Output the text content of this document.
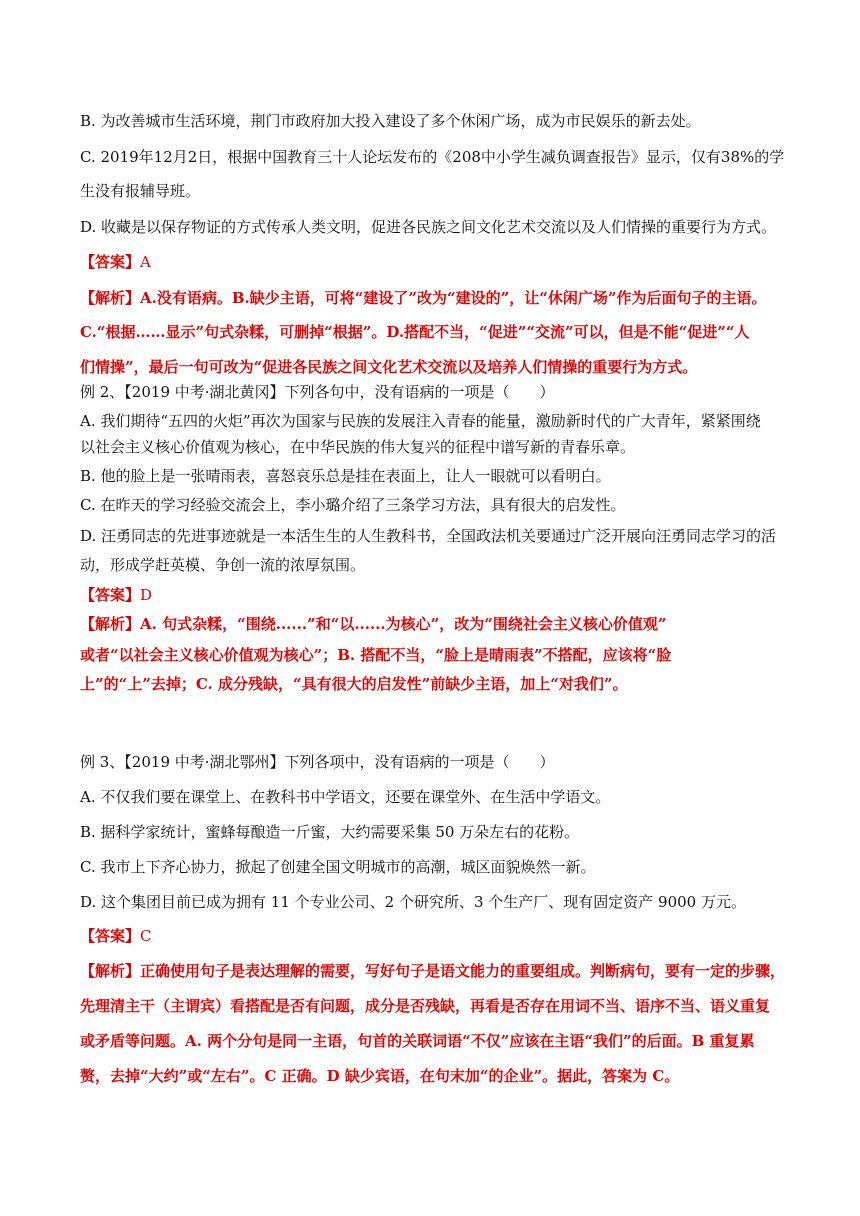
B. 为改善城市生活环境，荆门市政府加大投入建设了多个休闲广场，成为市民娱乐的新去处。
C. 2019年12月2日，根据中国教育三十人论坛发布的《208中小学生减负调查报告》显示，仅有38%的学
生没有报辅导班。
D. 收藏是以保存物证的方式传承人类文明，促进各民族之间文化艺术交流以及人们情操的重要行为方式。
【答案】A
【解析】A.没有语病。B.缺少主语，可将“建设了”改为“建设的”，让“休闲广场”作为后面句子的主语。
C.“根据……显示”句式杂糅，可删掉“根据”。D.搭配不当，“促进”“交流”可以，但是不能“促进”“人
们情操”，最后一句可改为“促进各民族之间文化艺术交流以及培养人们情操的重要行为方式。
例 2、【2019 中考·湖北黄冈】下列各句中，没有语病的一项是（　　）
A. 我们期待“五四的火炬”再次为国家与民族的发展注入青春的能量，激励新时代的广大青年，紧紧围绕
以社会主义核心价值观为核心，在中华民族的伟大复兴的征程中谱写新的青春乐章。
B. 他的脸上是一张晴雨表，喜怒哀乐总是挂在表面上，让人一眼就可以看明白。
C. 在昨天的学习经验交流会上，李小璐介绍了三条学习方法，具有很大的启发性。
D. 汪勇同志的先进事迹就是一本活生生的人生教科书，全国政法机关要通过广泛开展向汪勇同志学习的活
动，形成学赶英模、争创一流的浓厚氛围。
【答案】D
【解析】A. 句式杂糅，“围绕......”和“以......为核心”，改为“围绕社会主义核心价值观”
或者“以社会主义核心价值观为核心”；B. 搭配不当，“脸上是晴雨表”不搭配，应该将“脸
上”的“上”去掉；C. 成分残缺，“具有很大的启发性”前缺少主语，加上“对我们”。
例 3、【2019 中考·湖北鄂州】下列各项中，没有语病的一项是（　　）
A. 不仅我们要在课堂上、在教科书中学语文，还要在课堂外、在生活中学语文。
B. 据科学家统计，蜜蜂每酿造一斤蜜，大约需要采集 50 万朵左右的花粉。
C. 我市上下齐心协力，掀起了创建全国文明城市的高潮，城区面貌焕然一新。
D. 这个集团目前已成为拥有 11 个专业公司、2 个研究所、3 个生产厂、现有固定资产 9000 万元。
【答案】C
【解析】正确使用句子是表达理解的需要，写好句子是语文能力的重要组成。判断病句，要有一定的步骤，
先理清主干（主谓宾）看搭配是否有问题，成分是否残缺，再看是否存在用词不当、语序不当、语义重复
或矛盾等问题。A. 两个分句是同一主语，句首的关联词语“不仅”应该在主语“我们”的后面。B 重复累
赘，去掉“大约”或“左右”。C 正确。D 缺少宾语，在句末加“的企业”。据此，答案为 C。
